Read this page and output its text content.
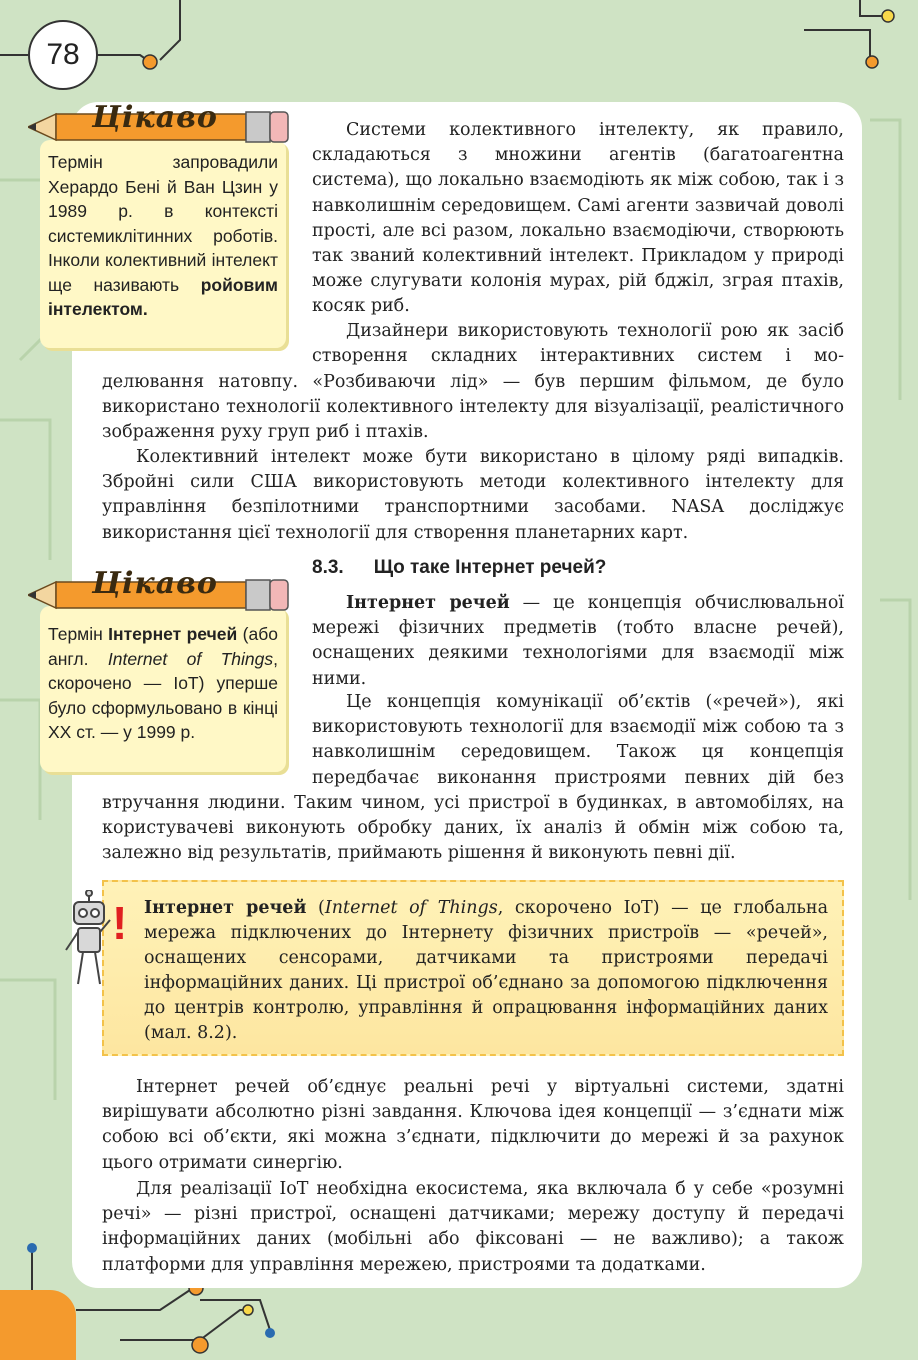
78

Термін запровадили Херардо Бені й Ван Цзин у 1989 р. в контексті системиклітинних роботів. Інколи колективний інтелект ще називають ройовим інтелектом.

Цікаво

Термін Інтернет речей (або англ. Internet of Things, скорочено — IoT) уперше було сформульовано в кінці XX ст. — у 1999 р.

Цікаво

Системи колективного інтелекту, як правило, складаються з множини агентів (багатоагентна система), що локально взаємодіють як між собою, так і з навколишнім середовищем. Самі агенти зазвичай доволі прості, але всі разом, локально взаємодіючи, створюють так званий колективний інтелект. Прикладом у природі може слугувати колонія мурах, рій бджіл, зграя птахів, косяк риб.

Дизайнери використовують технології рою як засіб створення складних інтерактивних систем і мо-

делювання натовпу. «Розбиваючи лід» — був першим фільмом, де було використано технології колективного інтелекту для візуалізації, реалістичного зображення руху груп риб і птахів.

Колективний інтелект може бути використано в цілому ряді випадків. Збройні сили США використовують методи колективного інтелекту для управління безпілотними транспортними засобами. NASA досліджує використання цієї технології для створення планетарних карт.

8.3. Що таке Інтернет речей?

Інтернет речей — це концепція обчислювальної мережі фізичних предметів (тобто власне речей), оснащених деякими технологіями для взаємодії між ними.

Це концепція комунікації об’єктів («речей»), які використовують технології для взаємодії між собою та з навколишнім середовищем. Також ця концепція передбачає виконання пристроями певних дій без

втручання людини. Таким чином, усі пристрої в будинках, в автомобілях, на користувачеві виконують обробку даних, їх аналіз й обмін між собою та, залежно від результатів, приймають рішення й виконують певні дії.

Інтернет речей (Internet of Things, скорочено IoT) — це глобальна мережа підключених до Інтернету фізичних пристроїв — «речей», оснащених сенсорами, датчиками та пристроями передачі інформаційних даних. Ці пристрої об’єднано за допомогою підключення до центрів контролю, управління й опрацювання інформаційних даних (мал. 8.2).

!

Інтернет речей об’єднує реальні речі у віртуальні системи, здатні вирішувати абсолютно різні завдання. Ключова ідея концепції — з’єднати між собою всі об’єкти, які можна з’єднати, підключити до мережі й за рахунок цього отримати синергію.

Для реалізації IoT необхідна екосистема, яка включала б у себе «розумні речі» — різні пристрої, оснащені датчиками; мережу доступу й передачі інформаційних даних (мобільні або фіксовані — не важливо); а також платформи для управління мережею, пристроями та додатками.
